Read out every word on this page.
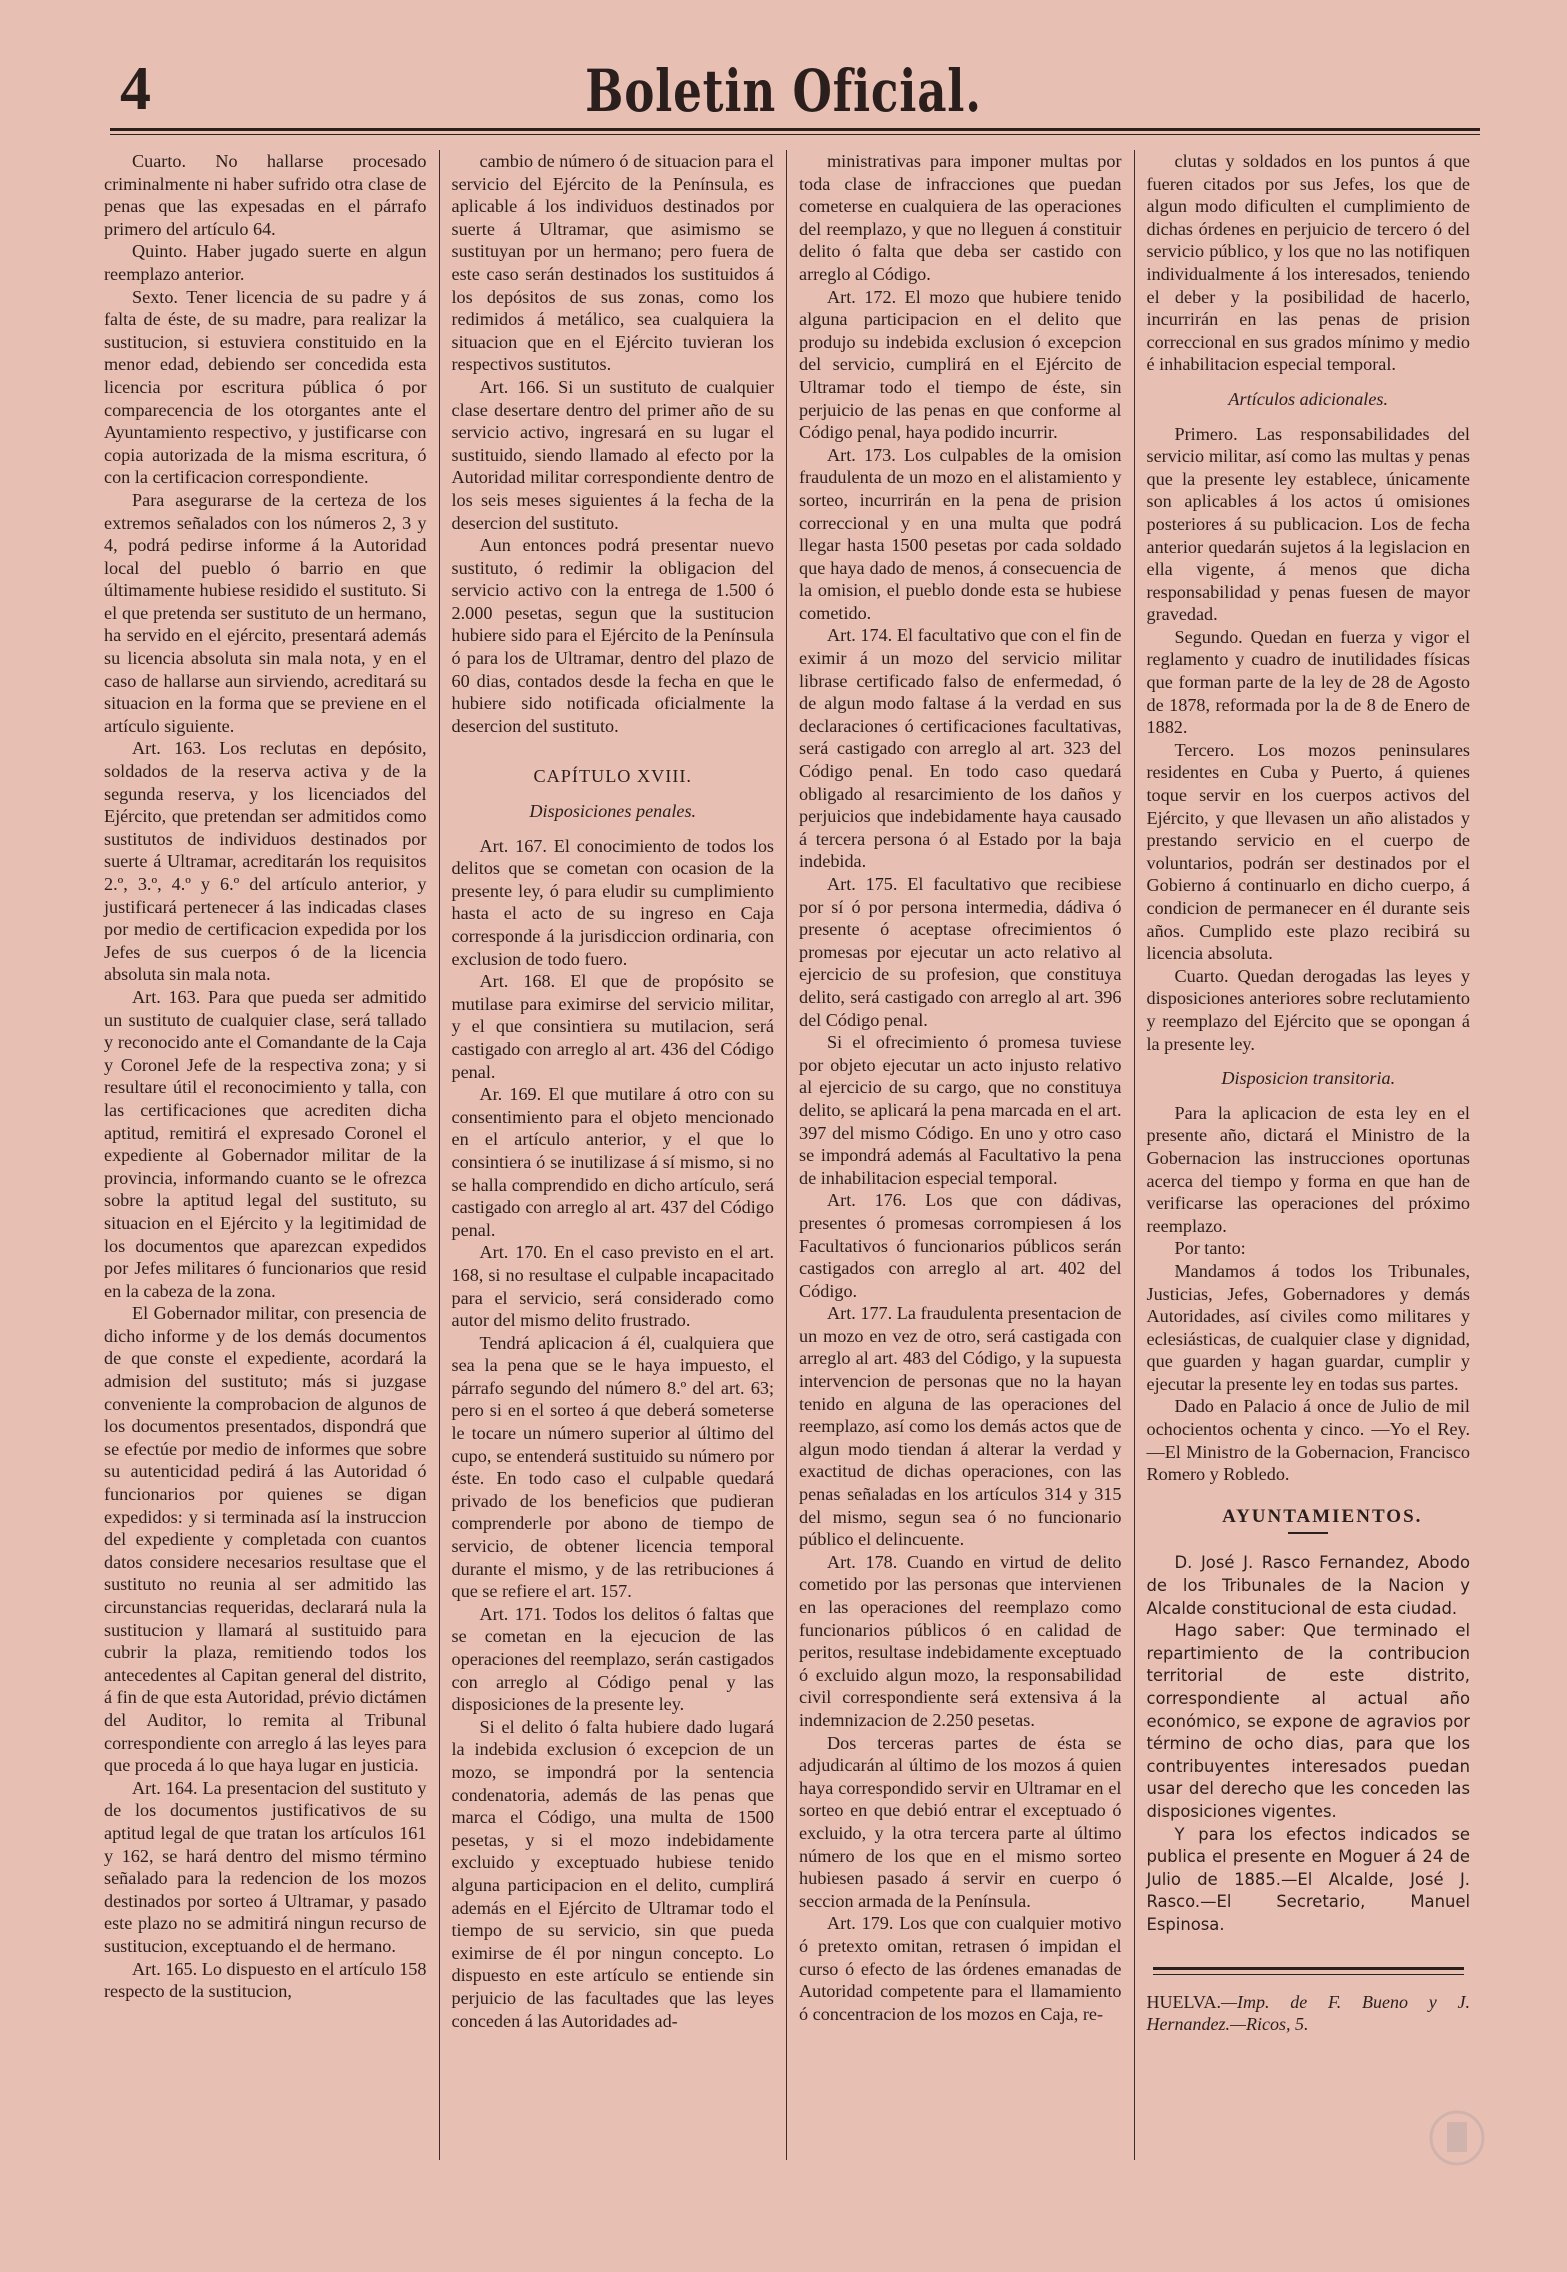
4	Boletin Oficial.

Cuarto. No hallarse procesado criminalmente ni haber sufrido otra clase de penas que las expesadas en el párrafo primero del artículo 64.

Quinto. Haber jugado suerte en algun reemplazo anterior.

Sexto. Tener licencia de su padre y á falta de éste, de su madre, para realizar la sustitucion, si estuviera constituido en la menor edad, debiendo ser concedida esta licencia por escritura pública ó por comparecencia de los otorgantes ante el Ayuntamiento respectivo, y justificarse con copia autorizada de la misma escritura, ó con la certificacion correspondiente.

Para asegurarse de la certeza de los extremos señalados con los números 2, 3 y 4, podrá pedirse informe á la Autoridad local del pueblo ó barrio en que últimamente hubiese residido el sustituto. Si el que pretenda ser sustituto de un hermano, ha servido en el ejército, presentará además su licencia absoluta sin mala nota, y en el caso de hallarse aun sirviendo, acreditará su situacion en la forma que se previene en el artículo siguiente.

Art. 163. Los reclutas en depósito, soldados de la reserva activa y de la segunda reserva, y los licenciados del Ejército, que pretendan ser admitidos como sustitutos de individuos destinados por suerte á Ultramar, acreditarán los requisitos 2.º, 3.º, 4.º y 6.º del artículo anterior, y justificará pertenecer á las indicadas clases por medio de certificacion expedida por los Jefes de sus cuerpos ó de la licencia absoluta sin mala nota.

Art. 163. Para que pueda ser admitido un sustituto de cualquier clase, será tallado y reconocido ante el Comandante de la Caja y Coronel Jefe de la respectiva zona; y si resultare útil el reconocimiento y talla, con las certificaciones que acrediten dicha aptitud, remitirá el expresado Coronel el expediente al Gobernador militar de la provincia, informando cuanto se le ofrezca sobre la aptitud legal del sustituto, su situacion en el Ejército y la legitimidad de los documentos que aparezcan expedidos por Jefes militares ó funcionarios que resid en la cabeza de la zona.

El Gobernador militar, con presencia de dicho informe y de los demás documentos de que conste el expediente, acordará la admision del sustituto; más si juzgase conveniente la comprobacion de algunos de los documentos presentados, dispondrá que se efectúe por medio de informes que sobre su autenticidad pedirá á las Autoridad ó funcionarios por quienes se digan expedidos: y si terminada así la instruccion del expediente y completada con cuantos datos considere necesarios resultase que el sustituto no reunia al ser admitido las circunstancias requeridas, declarará nula la sustitucion y llamará al sustituido para cubrir la plaza, remitiendo todos los antecedentes al Capitan general del distrito, á fin de que esta Autoridad, prévio dictámen del Auditor, lo remita al Tribunal correspondiente con arreglo á las leyes para que proceda á lo que haya lugar en justicia.

Art. 164. La presentacion del sustituto y de los documentos justificativos de su aptitud legal de que tratan los artículos 161 y 162, se hará dentro del mismo término señalado para la redencion de los mozos destinados por sorteo á Ultramar, y pasado este plazo no se admitirá ningun recurso de sustitucion, exceptuando el de hermano.

Art. 165. Lo dispuesto en el artículo 158 respecto de la sustitucion,

cambio de número ó de situacion para el servicio del Ejército de la Península, es aplicable á los individuos destinados por suerte á Ultramar, que asimismo se sustituyan por un hermano; pero fuera de este caso serán destinados los sustituidos á los depósitos de sus zonas, como los redimidos á metálico, sea cualquiera la situacion que en el Ejército tuvieran los respectivos sustitutos.

Art. 166. Si un sustituto de cualquier clase desertare dentro del primer año de su servicio activo, ingresará en su lugar el sustituido, siendo llamado al efecto por la Autoridad militar correspondiente dentro de los seis meses siguientes á la fecha de la desercion del sustituto.

Aun entonces podrá presentar nuevo sustituto, ó redimir la obligacion del servicio activo con la entrega de 1.500 ó 2.000 pesetas, segun que la sustitucion hubiere sido para el Ejército de la Península ó para los de Ultramar, dentro del plazo de 60 dias, contados desde la fecha en que le hubiere sido notificada oficialmente la desercion del sustituto.

CAPÍTULO XVIII.

Disposiciones penales.

Art. 167. El conocimiento de todos los delitos que se cometan con ocasion de la presente ley, ó para eludir su cumplimiento hasta el acto de su ingreso en Caja corresponde á la jurisdiccion ordinaria, con exclusion de todo fuero.

Art. 168. El que de propósito se mutilase para eximirse del servicio militar, y el que consintiera su mutilacion, será castigado con arreglo al art. 436 del Código penal.

Ar. 169. El que mutilare á otro con su consentimiento para el objeto mencionado en el artículo anterior, y el que lo consintiera ó se inutilizase á sí mismo, si no se halla comprendido en dicho artículo, será castigado con arreglo al art. 437 del Código penal.

Art. 170. En el caso previsto en el art. 168, si no resultase el culpable incapacitado para el servicio, será considerado como autor del mismo delito frustrado.

Tendrá aplicacion á él, cualquiera que sea la pena que se le haya impuesto, el párrafo segundo del número 8.º del art. 63; pero si en el sorteo á que deberá someterse le tocare un número superior al último del cupo, se entenderá sustituido su número por éste. En todo caso el culpable quedará privado de los beneficios que pudieran comprenderle por abono de tiempo de servicio, de obtener licencia temporal durante el mismo, y de las retribuciones á que se refiere el art. 157.

Art. 171. Todos los delitos ó faltas que se cometan en la ejecucion de las operaciones del reemplazo, serán castigados con arreglo al Código penal y las disposiciones de la presente ley.

Si el delito ó falta hubiere dado lugará la indebida exclusion ó excepcion de un mozo, se impondrá por la sentencia condenatoria, además de las penas que marca el Código, una multa de 1500 pesetas, y si el mozo indebidamente excluido y exceptuado hubiese tenido alguna participacion en el delito, cumplirá además en el Ejército de Ultramar todo el tiempo de su servicio, sin que pueda eximirse de él por ningun concepto. Lo dispuesto en este artículo se entiende sin perjuicio de las facultades que las leyes conceden á las Autoridades ad-

ministrativas para imponer multas por toda clase de infracciones que puedan cometerse en cualquiera de las operaciones del reemplazo, y que no lleguen á constituir delito ó falta que deba ser castido con arreglo al Código.

Art. 172. El mozo que hubiere tenido alguna participacion en el delito que produjo su indebida exclusion ó excepcion del servicio, cumplirá en el Ejército de Ultramar todo el tiempo de éste, sin perjuicio de las penas en que conforme al Código penal, haya podido incurrir.

Art. 173. Los culpables de la omision fraudulenta de un mozo en el alistamiento y sorteo, incurrirán en la pena de prision correccional y en una multa que podrá llegar hasta 1500 pesetas por cada soldado que haya dado de menos, á consecuencia de la omision, el pueblo donde esta se hubiese cometido.

Art. 174. El facultativo que con el fin de eximir á un mozo del servicio militar librase certificado falso de enfermedad, ó de algun modo faltase á la verdad en sus declaraciones ó certificaciones facultativas, será castigado con arreglo al art. 323 del Código penal. En todo caso quedará obligado al resarcimiento de los daños y perjuicios que indebidamente haya causado á tercera persona ó al Estado por la baja indebida.

Art. 175. El facultativo que recibiese por sí ó por persona intermedia, dádiva ó presente ó aceptase ofrecimientos ó promesas por ejecutar un acto relativo al ejercicio de su profesion, que constituya delito, será castigado con arreglo al art. 396 del Código penal.

Si el ofrecimiento ó promesa tuviese por objeto ejecutar un acto injusto relativo al ejercicio de su cargo, que no constituya delito, se aplicará la pena marcada en el art. 397 del mismo Código. En uno y otro caso se impondrá además al Facultativo la pena de inhabilitacion especial temporal.

Art. 176. Los que con dádivas, presentes ó promesas corrompiesen á los Facultativos ó funcionarios públicos serán castigados con arreglo al art. 402 del Código.

Art. 177. La fraudulenta presentacion de un mozo en vez de otro, será castigada con arreglo al art. 483 del Código, y la supuesta intervencion de personas que no la hayan tenido en alguna de las operaciones del reemplazo, así como los demás actos que de algun modo tiendan á alterar la verdad y exactitud de dichas operaciones, con las penas señaladas en los artículos 314 y 315 del mismo, segun sea ó no funcionario público el delincuente.

Art. 178. Cuando en virtud de delito cometido por las personas que intervienen en las operaciones del reemplazo como funcionarios públicos ó en calidad de peritos, resultase indebidamente exceptuado ó excluido algun mozo, la responsabilidad civil correspondiente será extensiva á la indemnizacion de 2.250 pesetas.

Dos terceras partes de ésta se adjudicarán al último de los mozos á quien haya correspondido servir en Ultramar en el sorteo en que debió entrar el exceptuado ó excluido, y la otra tercera parte al último número de los que en el mismo sorteo hubiesen pasado á servir en cuerpo ó seccion armada de la Península.

Art. 179. Los que con cualquier motivo ó pretexto omitan, retrasen ó impidan el curso ó efecto de las órdenes emanadas de Autoridad competente para el llamamiento ó concentracion de los mozos en Caja, re-

clutas y soldados en los puntos á que fueren citados por sus Jefes, los que de algun modo dificulten el cumplimiento de dichas órdenes en perjuicio de tercero ó del servicio público, y los que no las notifiquen individualmente á los interesados, teniendo el deber y la posibilidad de hacerlo, incurrirán en las penas de prision correccional en sus grados mínimo y medio é inhabilitacion especial temporal.

Artículos adicionales.

Primero. Las responsabilidades del servicio militar, así como las multas y penas que la presente ley establece, únicamente son aplicables á los actos ú omisiones posteriores á su publicacion. Los de fecha anterior quedarán sujetos á la legislacion en ella vigente, á menos que dicha responsabilidad y penas fuesen de mayor gravedad.

Segundo. Quedan en fuerza y vigor el reglamento y cuadro de inutilidades físicas que forman parte de la ley de 28 de Agosto de 1878, reformada por la de 8 de Enero de 1882.

Tercero. Los mozos peninsulares residentes en Cuba y Puerto, á quienes toque servir en los cuerpos activos del Ejército, y que llevasen un año alistados y prestando servicio en el cuerpo de voluntarios, podrán ser destinados por el Gobierno á continuarlo en dicho cuerpo, á condicion de permanecer en él durante seis años. Cumplido este plazo recibirá su licencia absoluta.

Cuarto. Quedan derogadas las leyes y disposiciones anteriores sobre reclutamiento y reemplazo del Ejército que se opongan á la presente ley.

Disposicion transitoria.

Para la aplicacion de esta ley en el presente año, dictará el Ministro de la Gobernacion las instrucciones oportunas acerca del tiempo y forma en que han de verificarse las operaciones del próximo reemplazo.

Por tanto:

Mandamos á todos los Tribunales, Justicias, Jefes, Gobernadores y demás Autoridades, así civiles como militares y eclesiásticas, de cualquier clase y dignidad, que guarden y hagan guardar, cumplir y ejecutar la presente ley en todas sus partes.

Dado en Palacio á once de Julio de mil ochocientos ochenta y cinco. —Yo el Rey.—El Ministro de la Gobernacion, Francisco Romero y Robledo.

AYUNTAMIENTOS.

D. José J. Rasco Fernandez, Abodo de los Tribunales de la Nacion y Alcalde constitucional de esta ciudad.

Hago saber: Que terminado el repartimiento de la contribucion territorial de este distrito, correspondiente al actual año económico, se expone de agravios por término de ocho dias, para que los contribuyentes interesados puedan usar del derecho que les conceden las disposiciones vigentes.

Y para los efectos indicados se publica el presente en Moguer á 24 de Julio de 1885.—El Alcalde, José J. Rasco.—El Secretario, Manuel Espinosa.

HUELVA.—Imp. de F. Bueno y J. Hernandez.—Ricos, 5.
